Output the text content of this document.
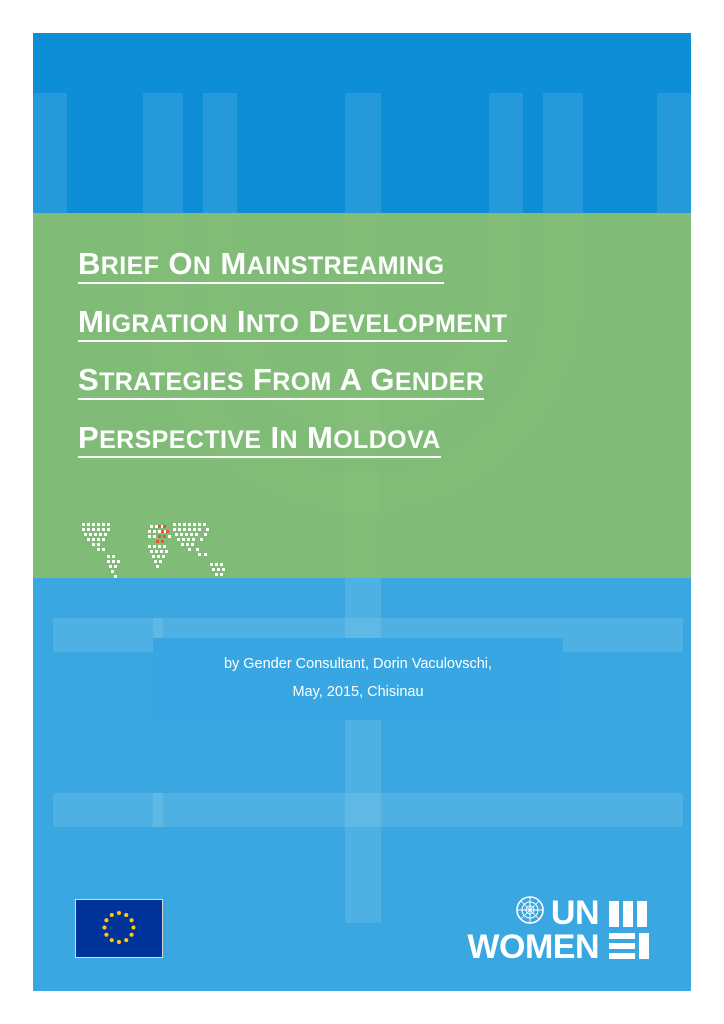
BRIEF ON MAINSTREAMING
MIGRATION INTO DEVELOPMENT
STRATEGIES FROM A GENDER
PERSPECTIVE IN MOLDOVA
by Gender Consultant, Dorin Vaculovschi,
May, 2015, Chisinau
UN
WOMEN
